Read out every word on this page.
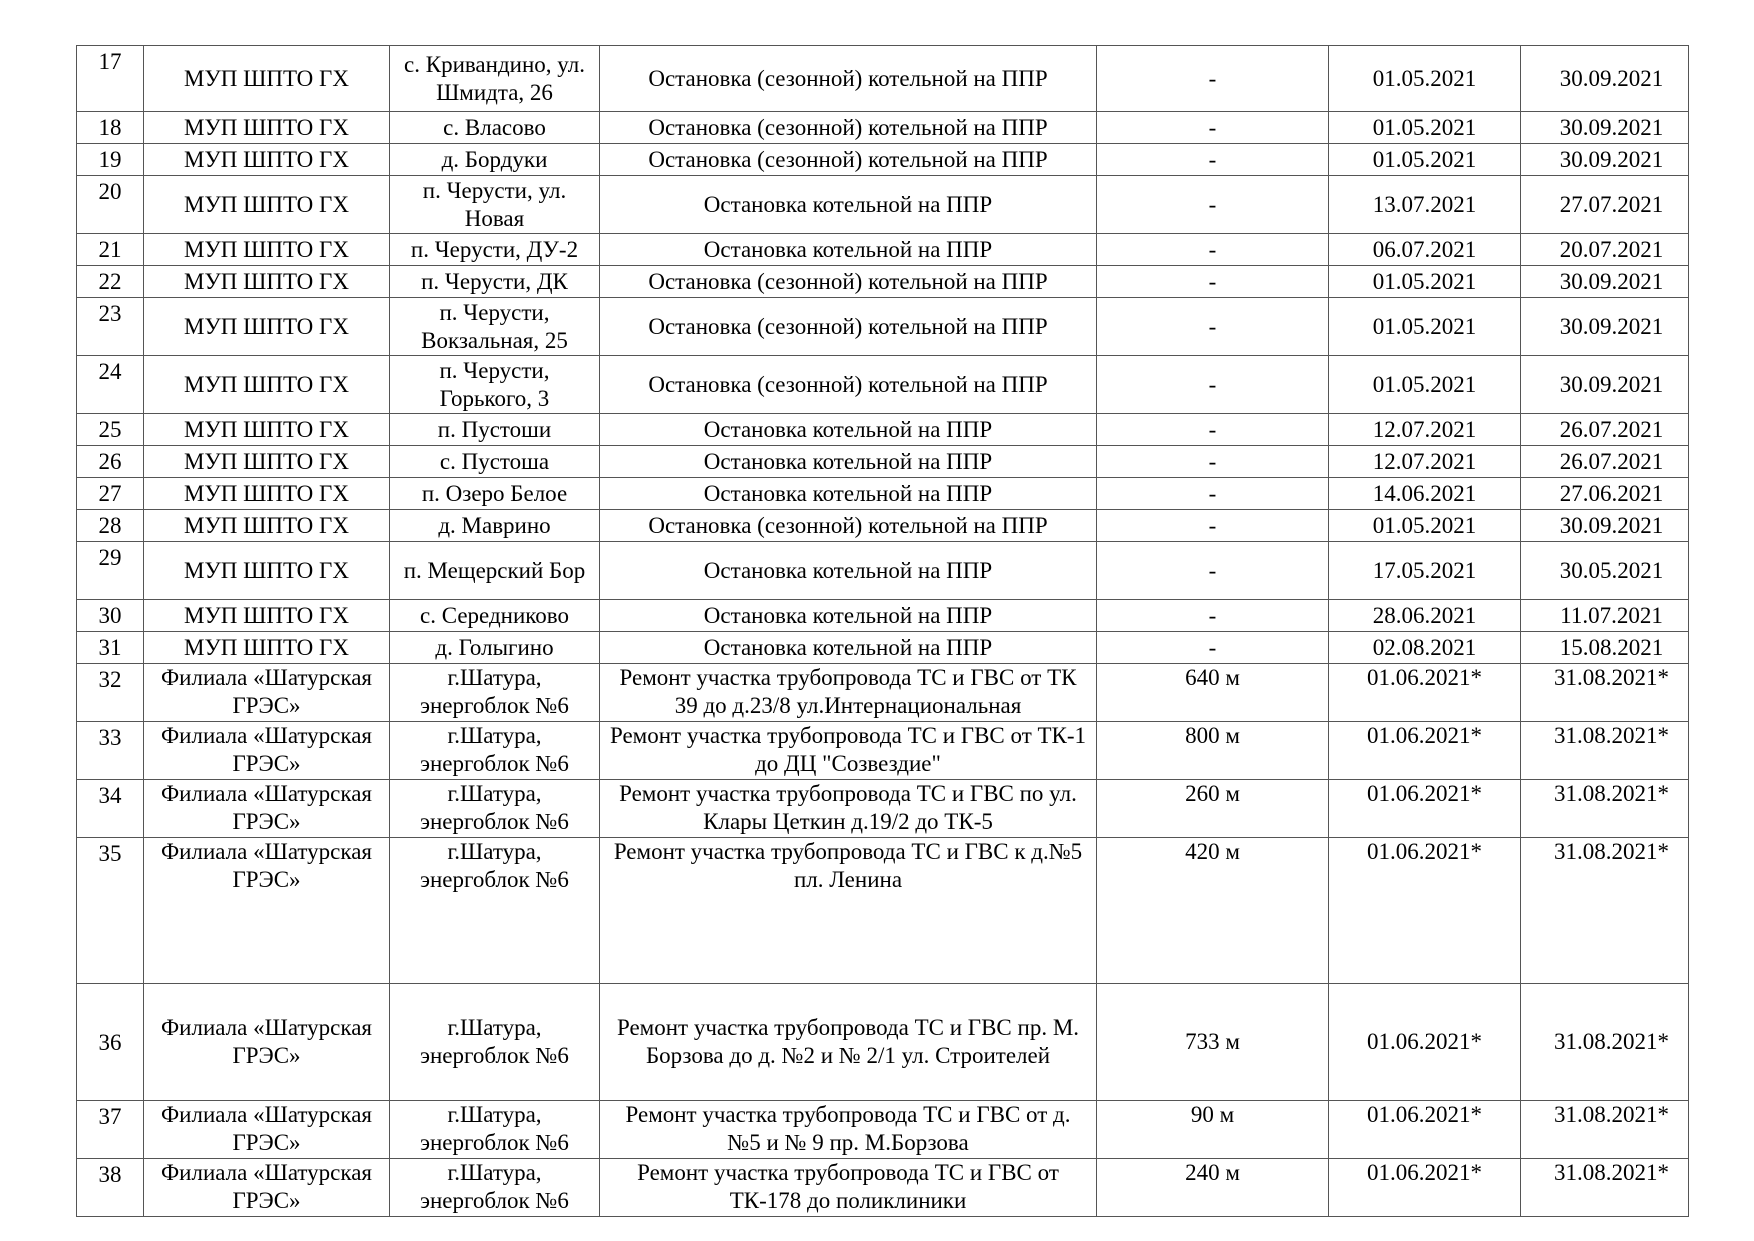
17	МУП ШПТО ГХ	с. Кривандино, ул. Шмидта, 26	Остановка (сезонной) котельной на ППР	-	01.05.2021	30.09.2021
18	МУП ШПТО ГХ	с. Власово	Остановка (сезонной) котельной на ППР	-	01.05.2021	30.09.2021
19	МУП ШПТО ГХ	д. Бордуки	Остановка (сезонной) котельной на ППР	-	01.05.2021	30.09.2021
20	МУП ШПТО ГХ	п. Черусти, ул. Новая	Остановка котельной на ППР	-	13.07.2021	27.07.2021
21	МУП ШПТО ГХ	п. Черусти, ДУ-2	Остановка котельной на ППР	-	06.07.2021	20.07.2021
22	МУП ШПТО ГХ	п. Черусти, ДК	Остановка (сезонной) котельной на ППР	-	01.05.2021	30.09.2021
23	МУП ШПТО ГХ	п. Черусти, Вокзальная, 25	Остановка (сезонной) котельной на ППР	-	01.05.2021	30.09.2021
24	МУП ШПТО ГХ	п. Черусти, Горького, 3	Остановка (сезонной) котельной на ППР	-	01.05.2021	30.09.2021
25	МУП ШПТО ГХ	п. Пустоши	Остановка котельной на ППР	-	12.07.2021	26.07.2021
26	МУП ШПТО ГХ	с. Пустоша	Остановка котельной на ППР	-	12.07.2021	26.07.2021
27	МУП ШПТО ГХ	п. Озеро Белое	Остановка котельной на ППР	-	14.06.2021	27.06.2021
28	МУП ШПТО ГХ	д. Маврино	Остановка (сезонной) котельной на ППР	-	01.05.2021	30.09.2021
29	МУП ШПТО ГХ	п. Мещерский Бор	Остановка котельной на ППР	-	17.05.2021	30.05.2021
30	МУП ШПТО ГХ	с. Середниково	Остановка котельной на ППР	-	28.06.2021	11.07.2021
31	МУП ШПТО ГХ	д. Голыгино	Остановка котельной на ППР	-	02.08.2021	15.08.2021
32	Филиала «Шатурская ГРЭС»	г.Шатура, энергоблок №6	Ремонт участка трубопровода ТС и ГВС от ТК 39 до д.23/8 ул.Интернациональная	640 м	01.06.2021*	31.08.2021*
33	Филиала «Шатурская ГРЭС»	г.Шатура, энергоблок №6	Ремонт участка трубопровода ТС и ГВС от ТК-1 до ДЦ "Созвездие"	800 м	01.06.2021*	31.08.2021*
34	Филиала «Шатурская ГРЭС»	г.Шатура, энергоблок №6	Ремонт участка трубопровода ТС и ГВС по ул. Клары Цеткин д.19/2 до ТК-5	260 м	01.06.2021*	31.08.2021*
35	Филиала «Шатурская ГРЭС»	г.Шатура, энергоблок №6	Ремонт участка трубопровода ТС и ГВС к д.№5 пл. Ленина	420 м	01.06.2021*	31.08.2021*
36	Филиала «Шатурская ГРЭС»	г.Шатура, энергоблок №6	Ремонт участка трубопровода ТС и ГВС пр. М. Борзова до д. №2 и № 2/1 ул. Строителей	733 м	01.06.2021*	31.08.2021*
37	Филиала «Шатурская ГРЭС»	г.Шатура, энергоблок №6	Ремонт участка трубопровода ТС и ГВС от д. №5 и № 9 пр. М.Борзова	90 м	01.06.2021*	31.08.2021*
38	Филиала «Шатурская ГРЭС»	г.Шатура, энергоблок №6	Ремонт участка трубопровода ТС и ГВС от ТК-178 до поликлиники	240 м	01.06.2021*	31.08.2021*
